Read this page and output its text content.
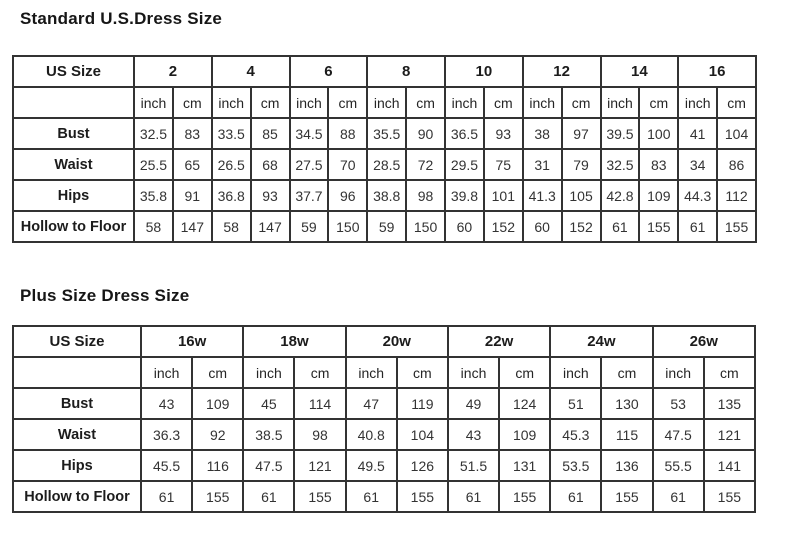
Standard U.S.Dress Size
US Size	2		4		6		8		10		12		14		16	
	inch	cm	inch	cm	inch	cm	inch	cm	inch	cm	inch	cm	inch	cm	inch	cm
Bust	32.5	83	33.5	85	34.5	88	35.5	90	36.5	93	38	97	39.5	100	41	104
Waist	25.5	65	26.5	68	27.5	70	28.5	72	29.5	75	31	79	32.5	83	34	86
Hips	35.8	91	36.8	93	37.7	96	38.8	98	39.8	101	41.3	105	42.8	109	44.3	112
Hollow to Floor	58	147	58	147	59	150	59	150	60	152	60	152	61	155	61	155
Plus Size Dress Size
US Size	16w		18w		20w		22w		24w		26w	
	inch	cm	inch	cm	inch	cm	inch	cm	inch	cm	inch	cm
Bust	43	109	45	114	47	119	49	124	51	130	53	135
Waist	36.3	92	38.5	98	40.8	104	43	109	45.3	115	47.5	121
Hips	45.5	116	47.5	121	49.5	126	51.5	131	53.5	136	55.5	141
Hollow to Floor	61	155	61	155	61	155	61	155	61	155	61	155
